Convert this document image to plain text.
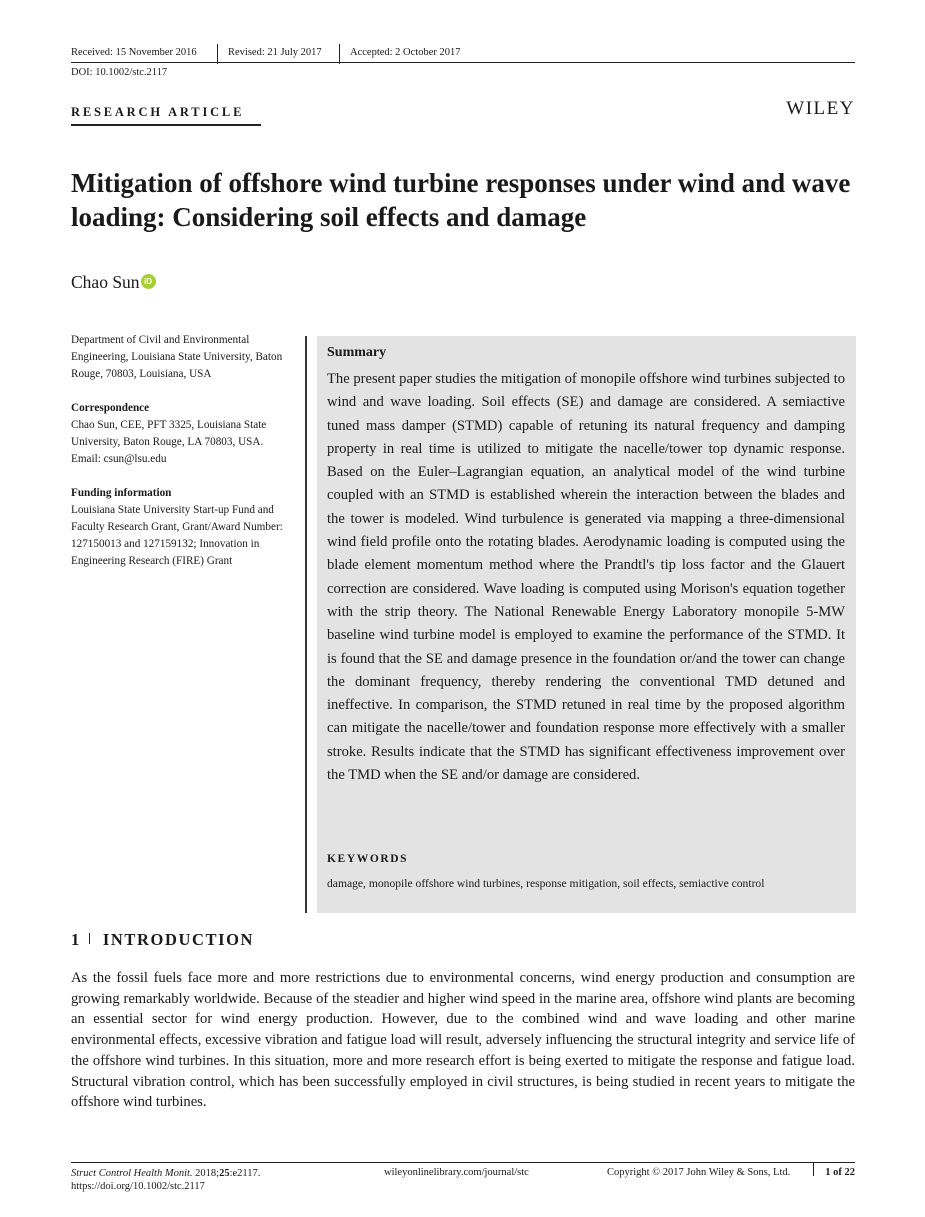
Received: 15 November 2016	Revised: 21 July 2017	Accepted: 2 October 2017
DOI: 10.1002/stc.2117
RESEARCH ARTICLE	WILEY
Mitigation of offshore wind turbine responses under wind and wave loading: Considering soil effects and damage
Chao Sun iD

Department of Civil and Environmental Engineering, Louisiana State University, Baton Rouge, 70803, Louisiana, USA

Correspondence
Chao Sun, CEE, PFT 3325, Louisiana State University, Baton Rouge, LA 70803, USA.
Email: csun@lsu.edu

Funding information
Louisiana State University Start-up Fund and Faculty Research Grant, Grant/Award Number: 127150013 and 127159132; Innovation in Engineering Research (FIRE) Grant

Summary
The present paper studies the mitigation of monopile offshore wind turbines subjected to wind and wave loading. Soil effects (SE) and damage are considered. A semiactive tuned mass damper (STMD) capable of retuning its natural frequency and damping property in real time is utilized to mitigate the nacelle/tower top dynamic response. Based on the Euler–Lagrangian equation, an analytical model of the wind turbine coupled with an STMD is established wherein the interaction between the blades and the tower is modeled. Wind turbulence is generated via mapping a three-dimensional wind field profile onto the rotating blades. Aerodynamic loading is computed using the blade element momentum method where the Prandtl's tip loss factor and the Glauert correction are considered. Wave loading is computed using Morison's equation together with the strip theory. The National Renewable Energy Laboratory monopile 5-MW baseline wind turbine model is employed to examine the performance of the STMD. It is found that the SE and damage presence in the foundation or/and the tower can change the dominant frequency, thereby rendering the conventional TMD detuned and ineffective. In comparison, the STMD retuned in real time by the proposed algorithm can mitigate the nacelle/tower and foundation response more effectively with a smaller stroke. Results indicate that the STMD has significant effectiveness improvement over the TMD when the SE and/or damage are considered.
KEYWORDS
damage, monopile offshore wind turbines, response mitigation, soil effects, semiactive control
1 INTRODUCTION
As the fossil fuels face more and more restrictions due to environmental concerns, wind energy production and consumption are growing remarkably worldwide. Because of the steadier and higher wind speed in the marine area, offshore wind plants are becoming an essential sector for wind energy production. However, due to the combined wind and wave loading and other marine environmental effects, excessive vibration and fatigue load will result, adversely influencing the structural integrity and service life of the offshore wind turbines. In this situation, more and more research effort is being exerted to mitigate the response and fatigue load. Structural vibration control, which has been successfully employed in civil structures, is being studied in recent years to mitigate the offshore wind turbines.
Struct Control Health Monit. 2018;25:e2117.
https://doi.org/10.1002/stc.2117
wileyonlinelibrary.com/journal/stc	Copyright © 2017 John Wiley & Sons, Ltd.	1 of 22
